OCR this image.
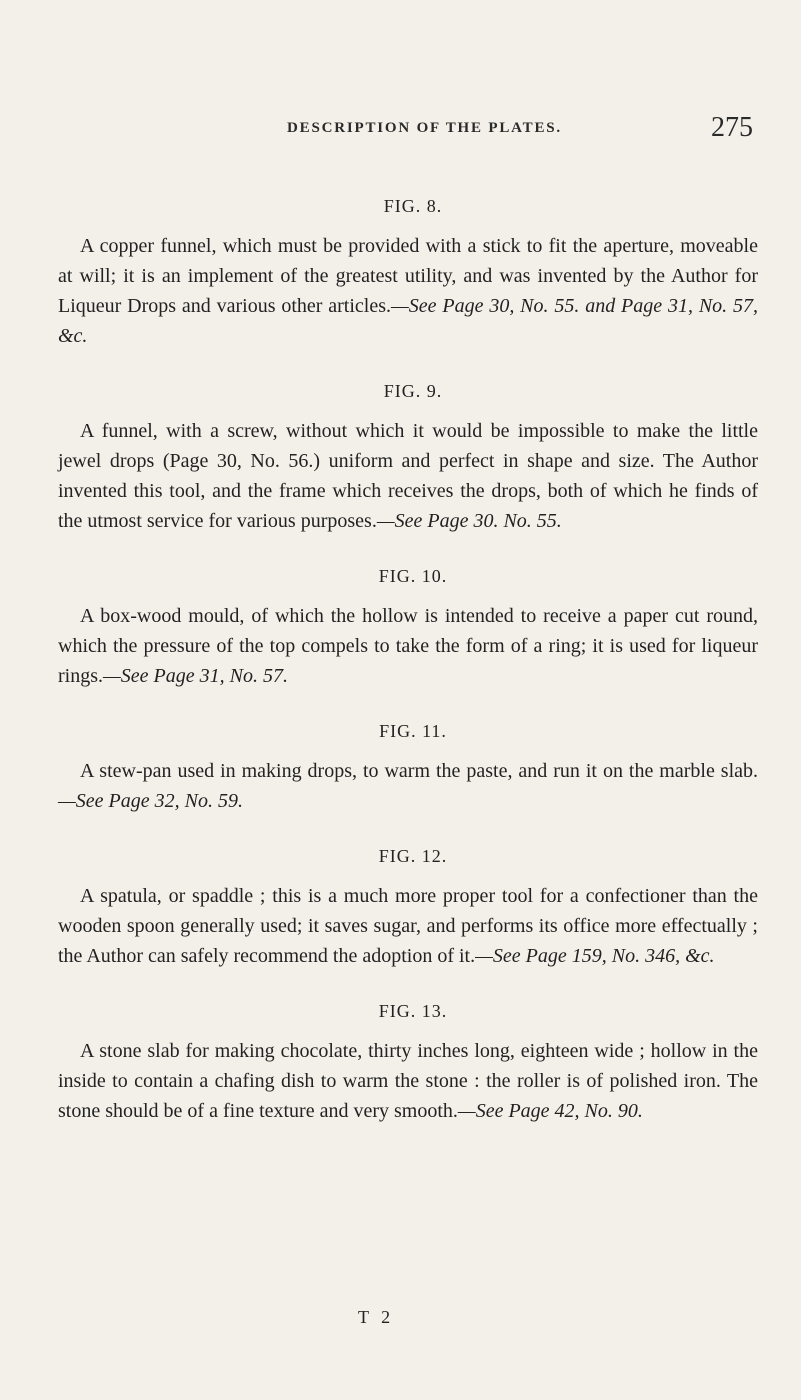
DESCRIPTION OF THE PLATES.	275
FIG. 8.

A copper funnel, which must be provided with a stick to fit the aperture, moveable at will; it is an implement of the greatest utility, and was invented by the Author for Liqueur Drops and various other articles.—See Page 30, No. 55. and Page 31, No. 57, &c.

FIG. 9.

A funnel, with a screw, without which it would be impossible to make the little jewel drops (Page 30, No. 56.) uniform and perfect in shape and size. The Author invented this tool, and the frame which receives the drops, both of which he finds of the utmost service for various purposes.—See Page 30. No. 55.

FIG. 10.

A box-wood mould, of which the hollow is intended to receive a paper cut round, which the pressure of the top compels to take the form of a ring; it is used for liqueur rings.—See Page 31, No. 57.

FIG. 11.

A stew-pan used in making drops, to warm the paste, and run it on the marble slab.—See Page 32, No. 59.

FIG. 12.

A spatula, or spaddle ; this is a much more proper tool for a confectioner than the wooden spoon generally used; it saves sugar, and performs its office more effectually ; the Author can safely recommend the adoption of it.—See Page 159, No. 346, &c.

FIG. 13.

A stone slab for making chocolate, thirty inches long, eighteen wide ; hollow in the inside to contain a chafing dish to warm the stone : the roller is of polished iron. The stone should be of a fine texture and very smooth.—See Page 42, No. 90.

T 2
